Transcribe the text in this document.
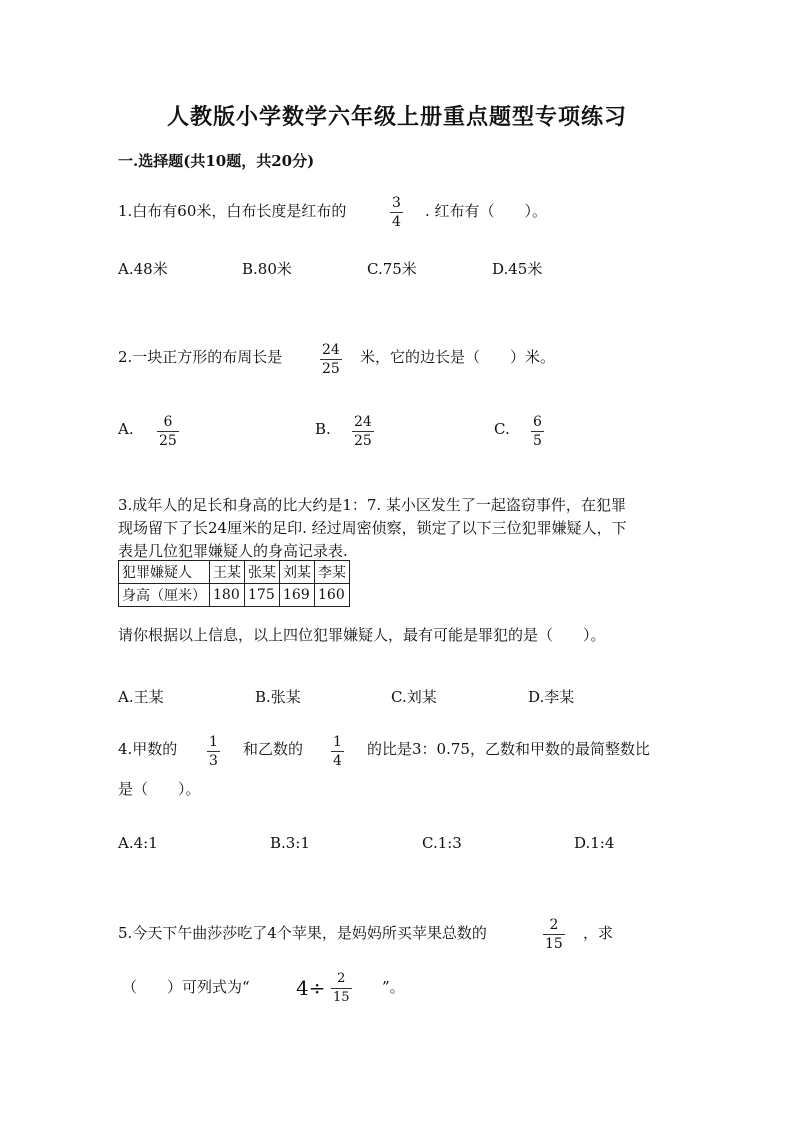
人教版小学数学六年级上册重点题型专项练习
一.选择题(共10题，共20分)
1.白布有60米，白布长度是红布的	3
4
. 红布有（　　）。
A.48米	B.80米	C.75米	D.45米
2.一块正方形的布周长是	24
25
米，它的边长是（　　）米。
A. 6
25
B. 24
25
C. 6
5
3.成年人的足长和身高的比大约是1：7. 某小区发生了一起盗窃事件，在犯罪
现场留下了长24厘米的足印. 经过周密侦察，锁定了以下三位犯罪嫌疑人，下
表是几位犯罪嫌疑人的身高记录表.
犯罪嫌疑人	王某	张某	刘某	李某
身高（厘米）	180	175	169	160
请你根据以上信息，以上四位犯罪嫌疑人，最有可能是罪犯的是（　　）。
A.王某	B.张某	C.刘某	D.李某
4.甲数的 1
3
和乙数的 1
4
的比是3：0.75，乙数和甲数的最简整数比
是（　　）。
A.4:1	B.3:1	C.1:3	D.1:4
5.今天下午曲莎莎吃了4个苹果，是妈妈所买苹果总数的	2
15
，求
（　　）可列式为“ 4÷ 2
15
”。
